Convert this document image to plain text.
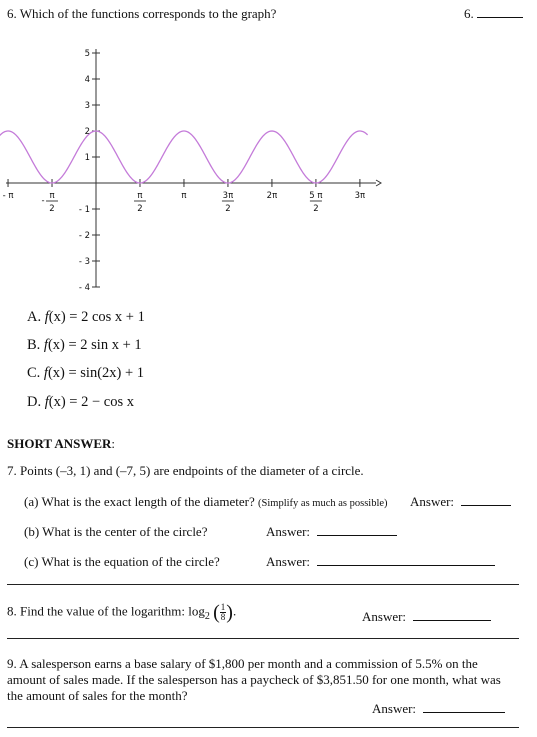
6. Which of the functions corresponds to the graph?	6.
- 4
- 3
- 2
- 1
1
2
3
4
5
- π	- π
2
π
2
π	3π
2
2π	5 π
2
3π
A. f(x) = 2 cos x + 1
B. f(x) = 2 sin x + 1
C. f(x) = sin(2x) + 1
D. f(x) = 2 − cos x
SHORT ANSWER:
7. Points (–3, 1) and (–7, 5) are endpoints of the diameter of a circle.
(a) What is the exact length of the diameter? (Simplify as much as possible) Answer:
(b) What is the center of the circle?	Answer:
(c) What is the equation of the circle?	Answer:
8. Find the value of the logarithm: $\log_2$ ( $\frac{1}{8}$ ).	Answer:
9. A salesperson earns a base salary of $1,800 per month and a commission of 5.5% on the amount of sales made. If the salesperson has a paycheck of $3,851.50 for one month, what was the amount of sales for the month?
Answer:
